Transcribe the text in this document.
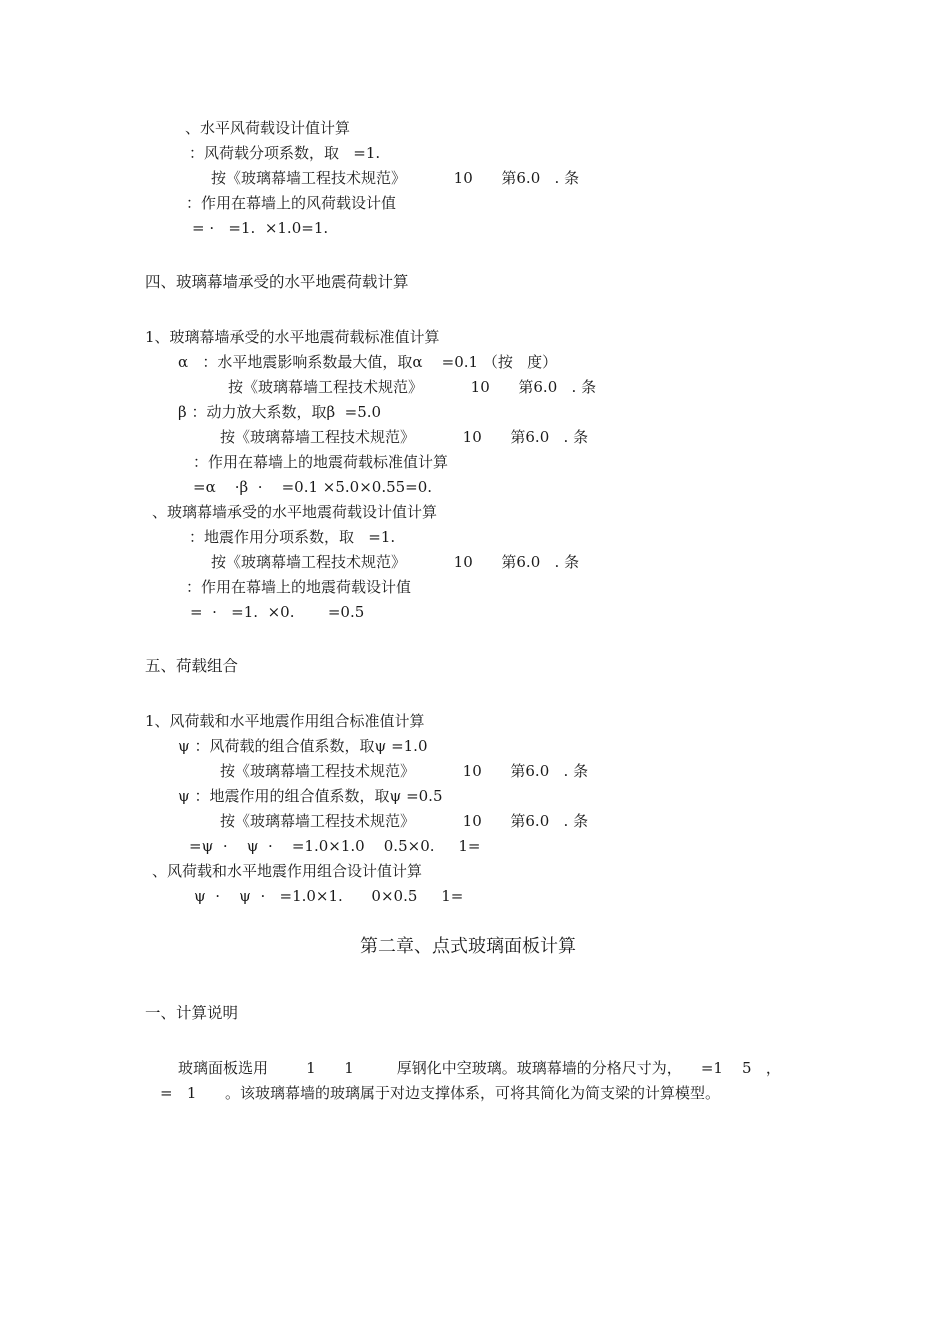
、水平风荷载设计值计算
：风荷载分项系数，取   =1.
按《玻璃幕墙工程技术规范》          10      第6.0   . 条
：作用在幕墙上的风荷载设计值
= ·   =1.  ×1.0=1.
四、玻璃幕墙承受的水平地震荷载计算
1、玻璃幕墙承受的水平地震荷载标准值计算
α   ：水平地震影响系数最大值，取α    =0.1 （按   度）
按《玻璃幕墙工程技术规范》          10      第6.0   . 条
β ：动力放大系数，取β  =5.0
按《玻璃幕墙工程技术规范》          10      第6.0   . 条
：作用在幕墙上的地震荷载标准值计算
=α    ·β  ·    =0.1 ×5.0×0.55=0.
、玻璃幕墙承受的水平地震荷载设计值计算
：地震作用分项系数，取   =1.
按《玻璃幕墙工程技术规范》          10      第6.0   . 条
：作用在幕墙上的地震荷载设计值
=  ·   =1.  ×0.       =0.5
五、荷载组合
1、风荷载和水平地震作用组合标准值计算
ψ ：风荷载的组合值系数，取ψ =1.0
按《玻璃幕墙工程技术规范》          10      第6.0   . 条
ψ ：地震作用的组合值系数，取ψ =0.5
按《玻璃幕墙工程技术规范》          10      第6.0   . 条
=ψ  ·    ψ  ·    =1.0×1.0    0.5×0.     1=
、风荷载和水平地震作用组合设计值计算
ψ  ·    ψ  ·   =1.0×1.      0×0.5     1=
第二章、点式玻璃面板计算
一、计算说明
玻璃面板选用        1      1         厚钢化中空玻璃。玻璃幕墙的分格尺寸为，    =1    5   ，
=   1      。该玻璃幕墙的玻璃属于对边支撑体系，可将其简化为简支梁的计算模型。
